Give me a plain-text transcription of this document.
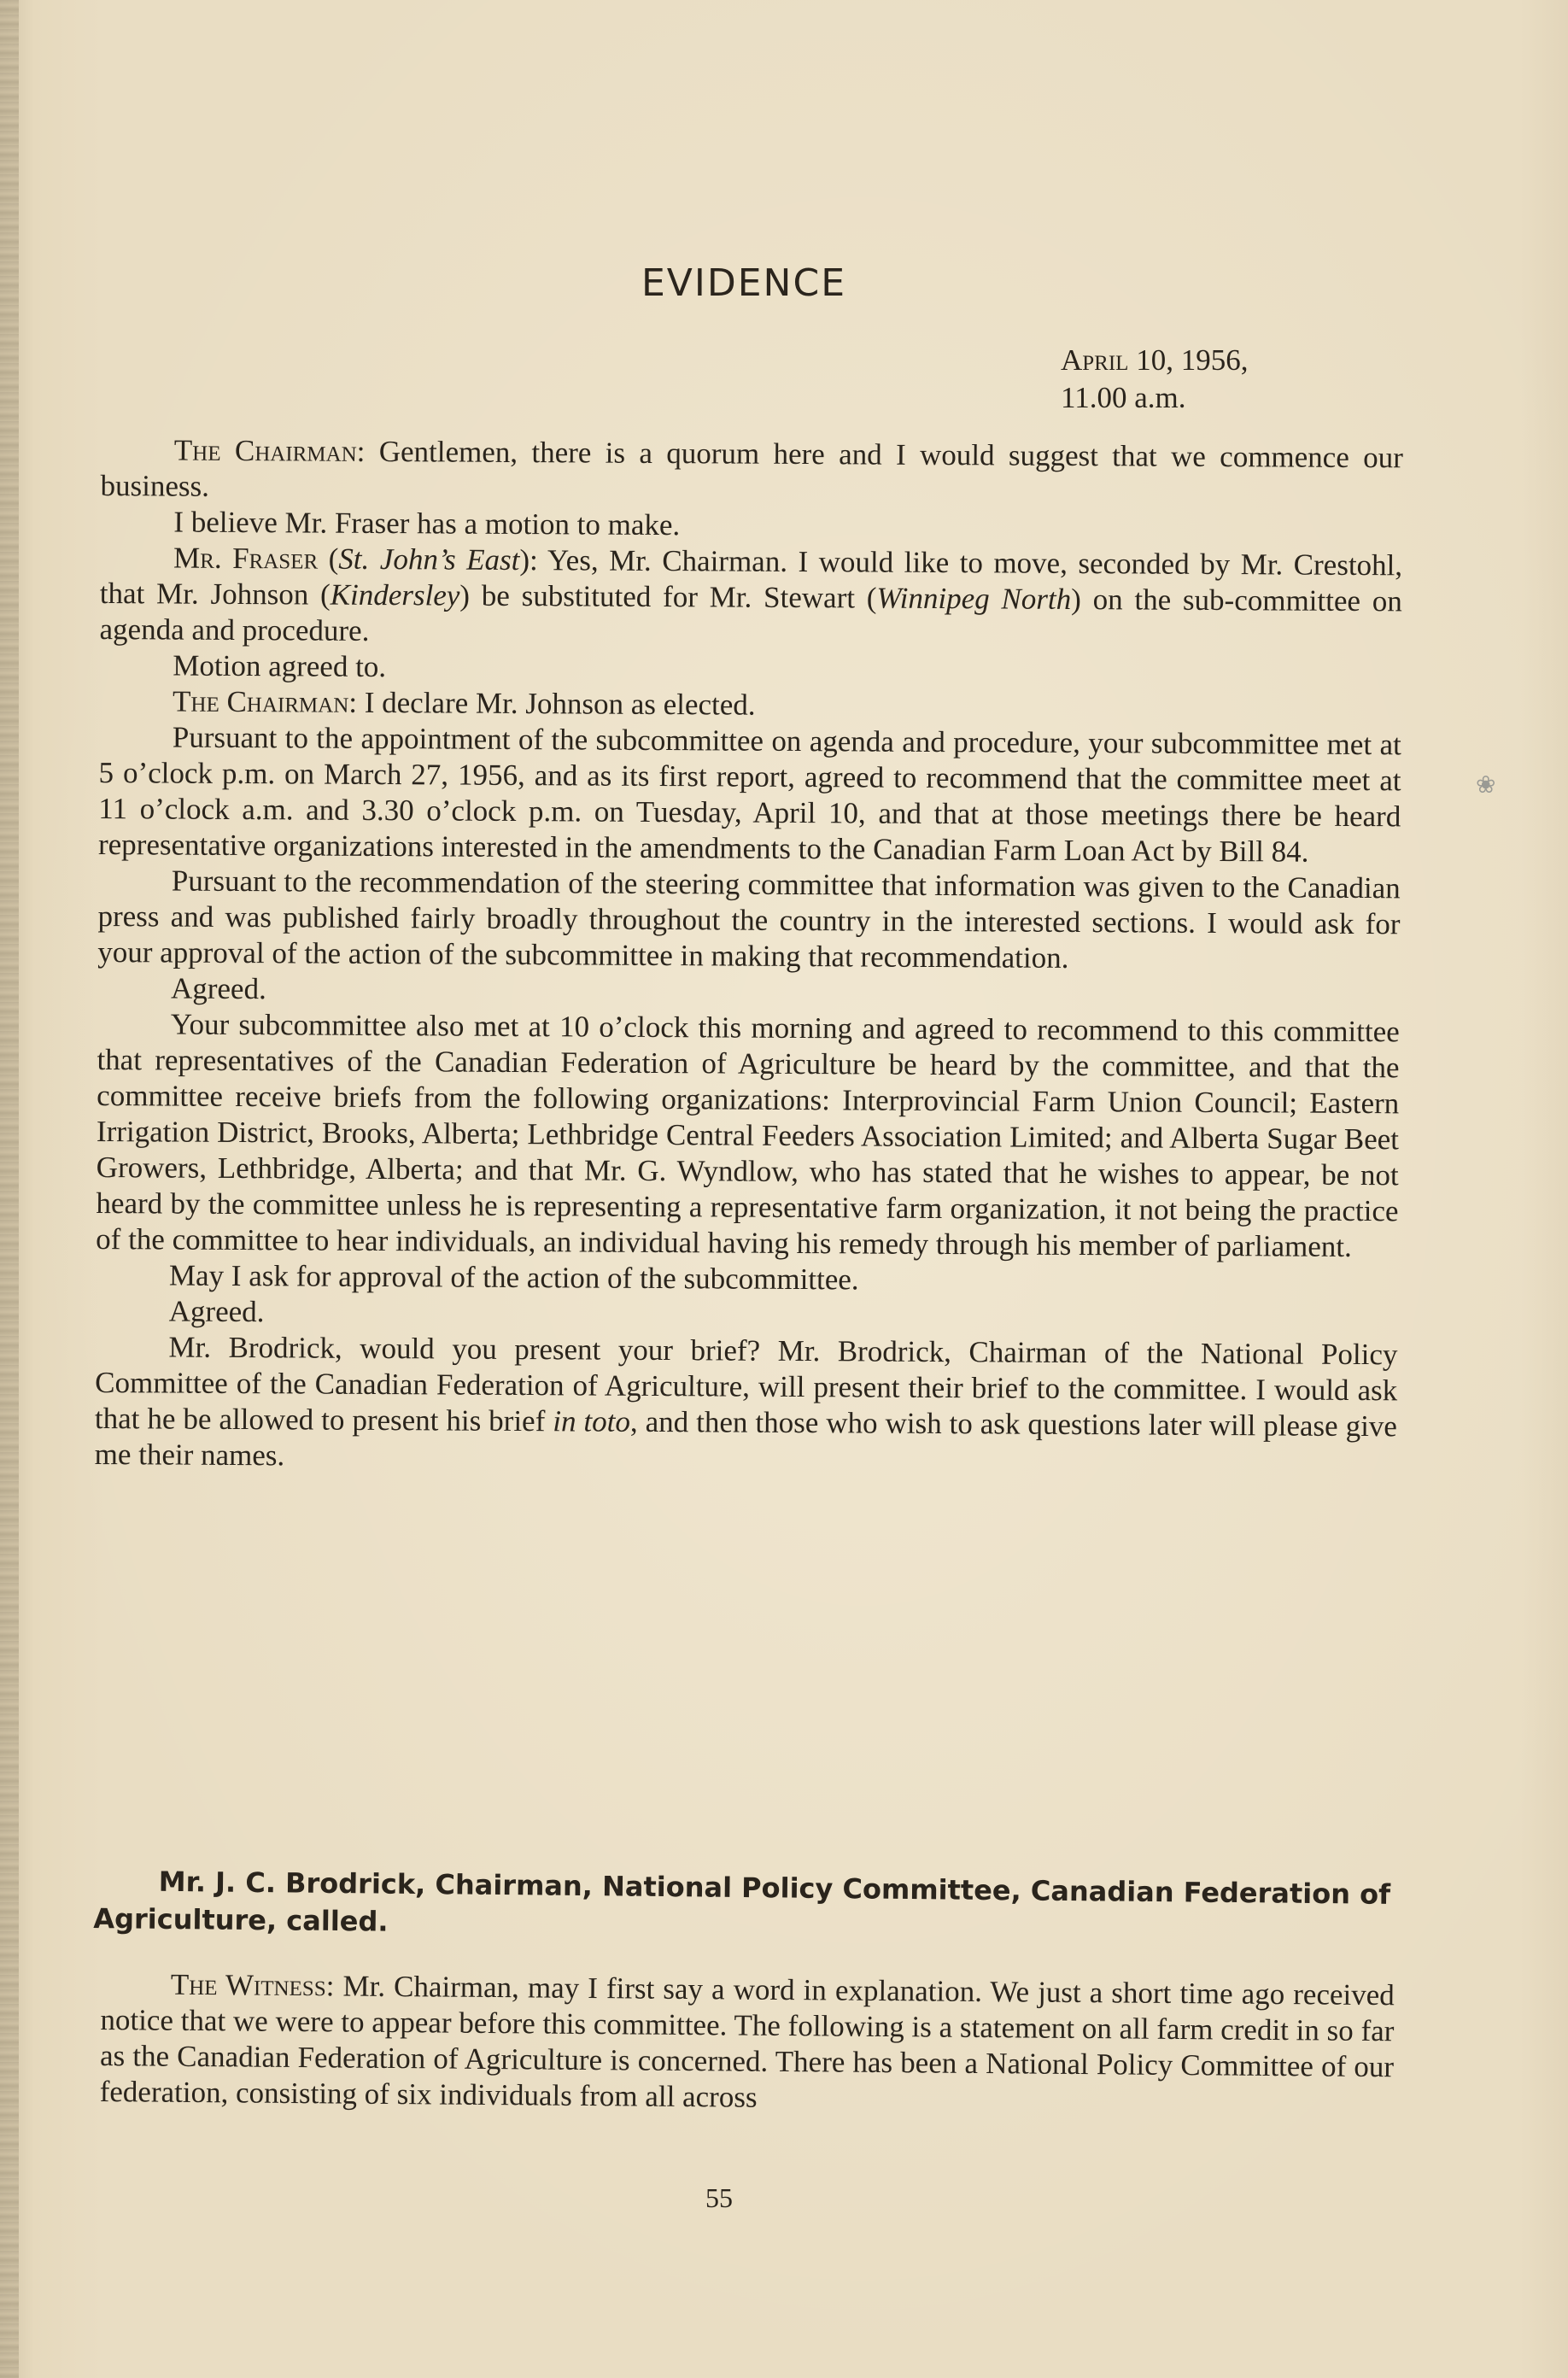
EVIDENCE
April 10, 1956,
11.00 a.m.

The Chairman: Gentlemen, there is a quorum here and I would suggest that we commence our business.

I believe Mr. Fraser has a motion to make.

Mr. Fraser (St. John’s East): Yes, Mr. Chairman. I would like to move, seconded by Mr. Crestohl, that Mr. Johnson (Kindersley) be substituted for Mr. Stewart (Winnipeg North) on the sub-committee on agenda and procedure.

Motion agreed to.

The Chairman: I declare Mr. Johnson as elected.

Pursuant to the appointment of the subcommittee on agenda and procedure, your subcommittee met at 5 o’clock p.m. on March 27, 1956, and as its first report, agreed to recommend that the committee meet at 11 o’clock a.m. and 3.30 o’clock p.m. on Tuesday, April 10, and that at those meetings there be heard representative organizations interested in the amendments to the Canadian Farm Loan Act by Bill 84.

Pursuant to the recommendation of the steering committee that information was given to the Canadian press and was published fairly broadly throughout the country in the interested sections. I would ask for your approval of the action of the subcommittee in making that recommendation.

Agreed.

Your subcommittee also met at 10 o’clock this morning and agreed to recommend to this committee that representatives of the Canadian Federation of Agriculture be heard by the committee, and that the committee receive briefs from the following organizations: Interprovincial Farm Union Council; Eastern Irrigation District, Brooks, Alberta; Lethbridge Central Feeders Association Limited; and Alberta Sugar Beet Growers, Lethbridge, Alberta; and that Mr. G. Wyndlow, who has stated that he wishes to appear, be not heard by the committee unless he is representing a representative farm organization, it not being the practice of the committee to hear individuals, an individual having his remedy through his member of parliament.

May I ask for approval of the action of the subcommittee.

Agreed.

Mr. Brodrick, would you present your brief? Mr. Brodrick, Chairman of the National Policy Committee of the Canadian Federation of Agriculture, will present their brief to the committee. I would ask that he be allowed to present his brief in toto, and then those who wish to ask questions later will please give me their names.

Mr. J. C. Brodrick, Chairman, National Policy Committee, Canadian Federation of Agriculture, called.

The Witness: Mr. Chairman, may I first say a word in explanation. We just a short time ago received notice that we were to appear before this committee. The following is a statement on all farm credit in so far as the Canadian Federation of Agriculture is concerned. There has been a National Policy Committee of our federation, consisting of six individuals from all across

55
❀
